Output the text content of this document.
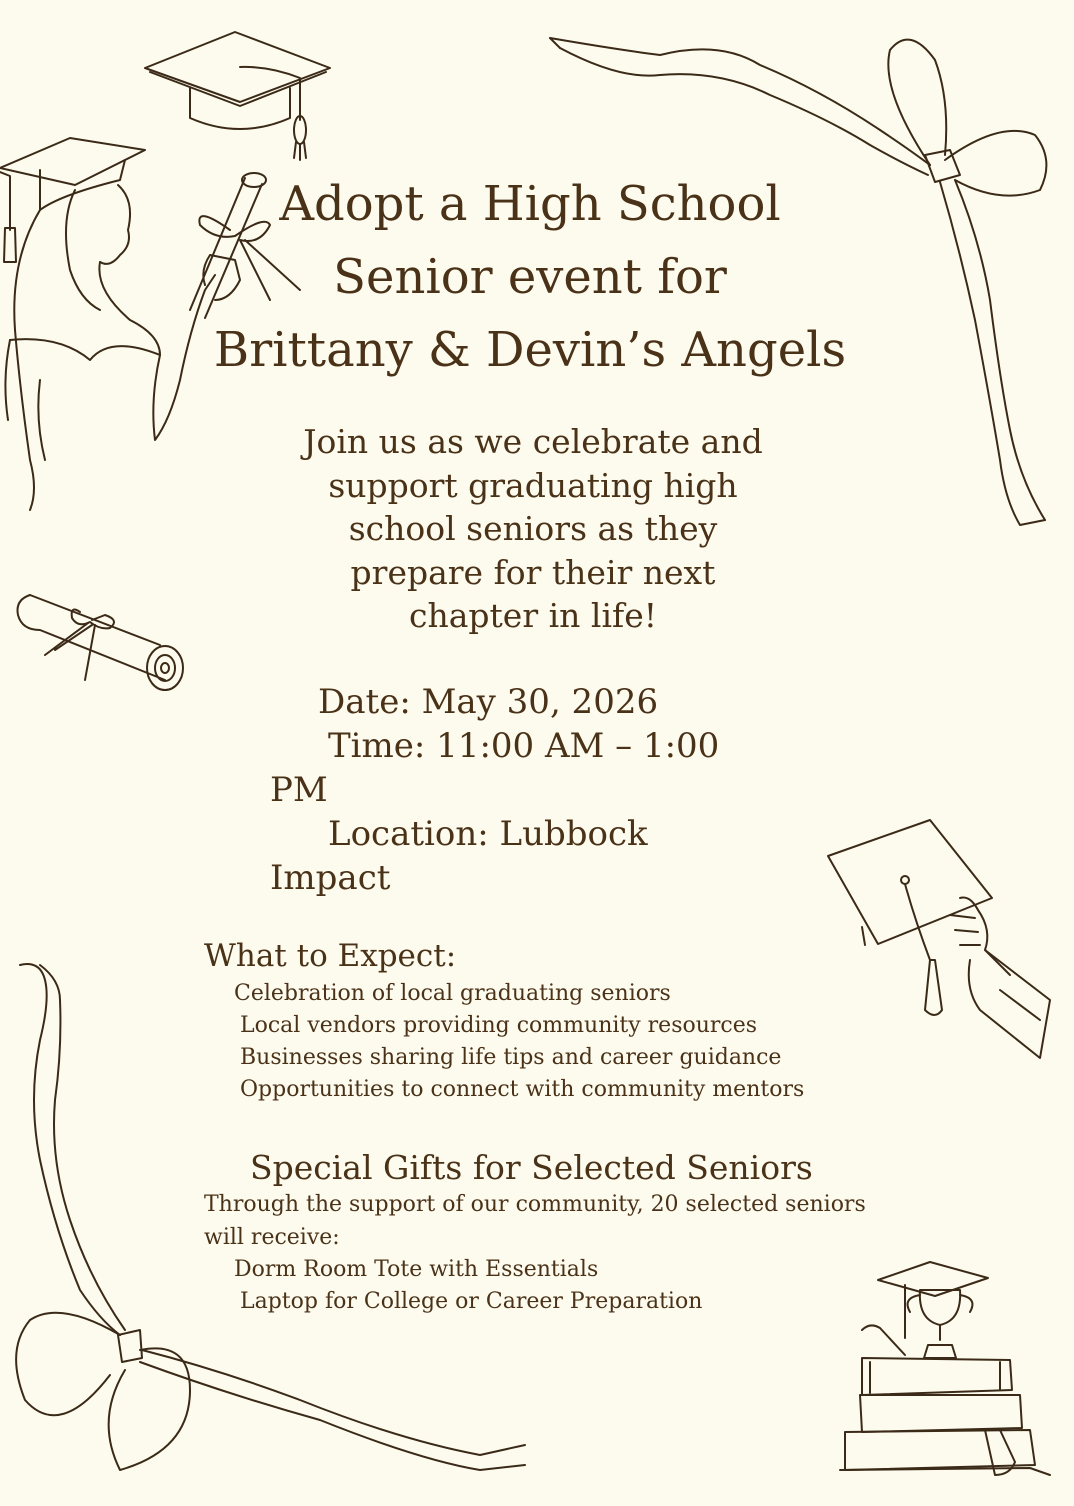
Adopt a High School
Senior event for
Brittany & Devin’s Angels
Join us as we celebrate and
support graduating high
school seniors as they
prepare for their next
chapter in life!
Date: May 30, 2026
Time: 11:00 AM – 1:00
PM
Location: Lubbock
Impact
What to Expect:
Celebration of local graduating seniors
Local vendors providing community resources
Businesses sharing life tips and career guidance
Opportunities to connect with community mentors
Special Gifts for Selected Seniors
Through the support of our community, 20 selected seniors
will receive:
Dorm Room Tote with Essentials
Laptop for College or Career Preparation
